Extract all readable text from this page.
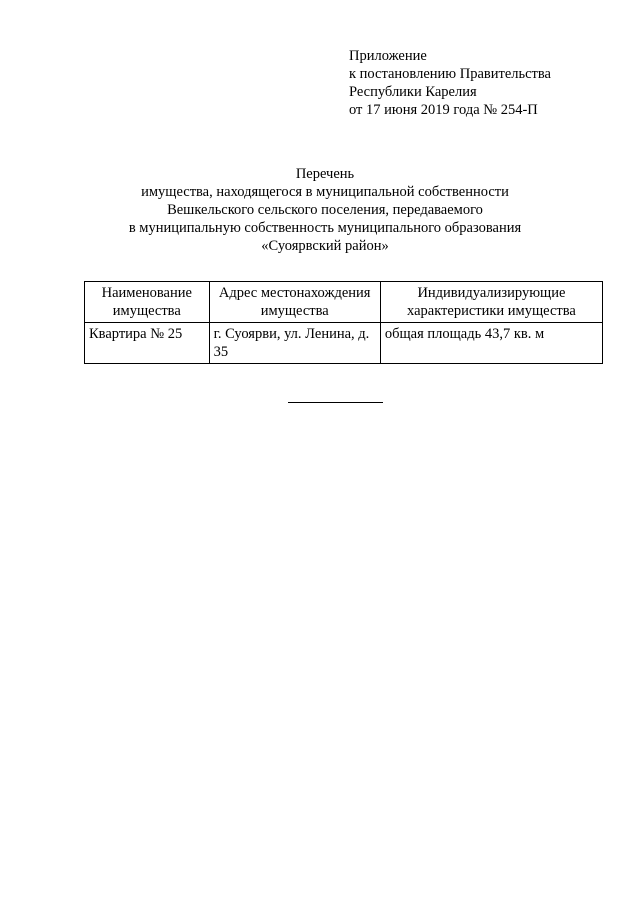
Приложение
к постановлению Правительства
Республики Карелия
от 17 июня 2019 года № 254-П
Перечень
имущества, находящегося в муниципальной собственности
Вешкельского сельского поселения, передаваемого
в муниципальную собственность муниципального образования
«Суоярвский район»
Наименование имущества	Адрес местонахождения имущества	Индивидуализирующие характеристики имущества
Квартира № 25	г. Суоярви, ул. Ленина, д. 35	общая площадь 43,7 кв. м
